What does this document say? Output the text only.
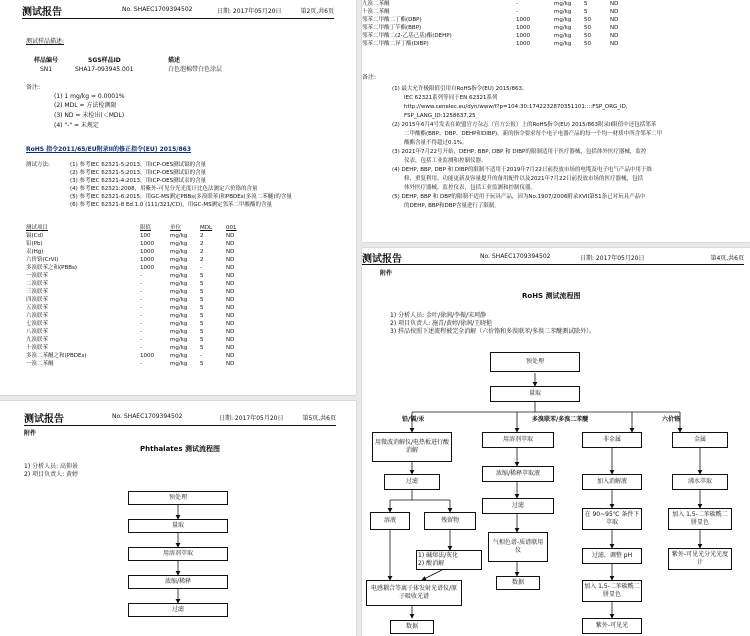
测试报告	No. SHAEC1709394502	日期: 2017年05月20日	第2页,共6页
测试样品描述:
样品编号	SGS样品ID	描述
SN1	SHA17-093945.001	白色泡棉带白色涂层
备注:
(1) 1 mg/kg = 0.0001%
(2) MDL = 方法检测限
(3) ND = 未检出(＜MDL)
(4) "-" = 未规定
RoHS 指令2011/65/EU附录II的修正指令(EU) 2015/863
测试方法:	(1) 参考IEC 62321-5:2013，用ICP-OES测试镉的含量
(2) 参考IEC 62321-5:2013，用ICP-OES测试铅的含量
(3) 参考IEC 62321-4:2013，用ICP-OES测试汞的含量
(4) 参考IEC 62321:2008，用紫外-可见分光光度计比色法测定六价铬的含量
(5) 参考IEC 62321-6:2015，用GC-MS测定PBBs(多溴联苯)和PBDEs(多溴二苯醚)的含量
(6) 参考IEC 62321-8 Ed.1.0 (111/321/CD)，用GC-MS测定邻苯二甲酸酯的含量
测试项目	限值	单位	MDL	001
镉(Cd)	100	mg/kg	2	ND
铅(Pb)	1000	mg/kg	2	ND
汞(Hg)	1000	mg/kg	2	ND
六价铬(CrVI)	1000	mg/kg	2	ND
多溴联苯之和(PBBs)	1000	mg/kg	-	ND
一溴联苯	-	mg/kg	5	ND
二溴联苯	-	mg/kg	5	ND
三溴联苯	-	mg/kg	5	ND
四溴联苯	-	mg/kg	5	ND
五溴联苯	-	mg/kg	5	ND
六溴联苯	-	mg/kg	5	ND
七溴联苯	-	mg/kg	5	ND
八溴联苯	-	mg/kg	5	ND
九溴联苯	-	mg/kg	5	ND
十溴联苯	-	mg/kg	5	ND
多溴二苯醚之和(PBDEs)	1000	mg/kg	-	ND
一溴二苯醚	-	mg/kg	5	ND
九溴二苯醚	-	mg/kg	5	ND
十溴二苯醚	-	mg/kg	5	ND
邻苯二甲酸二丁酯(DBP)	1000	mg/kg	50	ND
邻苯二甲酸丁苄酯(BBP)	1000	mg/kg	50	ND
邻苯二甲酸二(2-乙基己基)酯(DEHP)	1000	mg/kg	50	ND
邻苯二甲酸二异丁酯(DIBP)	1000	mg/kg	50	ND
备注:
(1) 最大允许极限值引用自RoHS指令(EU) 2015/863。
IEC 62321系列等同于EN 62321系列
http://www.cenelec.eu/dyn/www/f?p=104:30:1742232870351101::::FSP_ORG_ID,
FSP_LANG_ID:1258637,25
(2) 2015年6月4号发表在欧盟官方杂志（官方公报）上的RoHS指令(EU) 2015/863附录II限值中还包括邻苯
二甲酸酯(BBP、DBP、DEHP和DIBP)。新的指令要求每个电子电器产品的每一个均一材质中所含邻苯二甲
酸酯含量不得超过0.1%。
(3) 2021年7月22号开始，DEHP, BBP, DBP 和 DIBP的限制适用于医疗器械，包括体外医疗器械，监控
仪表，包括工业监测和控制仪器。
(4) DEHP, BBP, DBP 和 DIBP的限制不适用于2019年7月22日前投放市场的电缆及电子电气产品中用于维
修、重复利用、功能更新及容量提升的备用配件以及2021年7月22日前投放市场的医疗器械，包括
体外医疗器械，监控仪表，包括工业监测和控制仪器。
(5) DEHP, BBP 和 DBP的限制不适用于玩具产品，因为No.1907/2006附录XVII第51条已对玩具产品中
的DEHP, BBP和DBP含量进行了限制。
测试报告	No. SHAEC1709394502	日期: 2017年05月20日	第5页,共6页
附件
Phthalates 测试流程图
1) 分析人员: 高仰景
2) 项目负责人: 黄婷
预处理
量取
用溶剂萃取
浓缩/稀释
过滤
测试报告	No. SHAEC1709394502	日期: 2017年05月20日	第4页,共6页
附件
RoHS 测试流程图
1) 分析人员: 金叶/徐润/李振/宋珂静
2) 项目负责人: 施青/黄婷/徐润/王晓艳
3) 样品按照下述流程被完全消解（六价铬和多溴联苯/多溴二苯醚测试除外）。
预处理
量取
铅/镉/汞	多溴联苯/多溴二苯醚	六价铬
用微波消解仪/电热板进行酸消解
过滤
溶液	残留物
1) 碱熔法/灰化
2) 酸消解
电感耦合等离子体发射光谱仪/原子吸收光谱
数据
用溶剂萃取
浓缩/稀释萃取液
过滤
气相色谱-质谱联用仪
数据
非金属
加入消解液
在 90~95℃ 条件下萃取
过滤，调整 pH
加入 1,5-二苯碳酰二肼显色
紫外-可见光
金属
沸水萃取
加入 1,5-二苯碳酰二肼显色
紫外-可见光分光光度计
